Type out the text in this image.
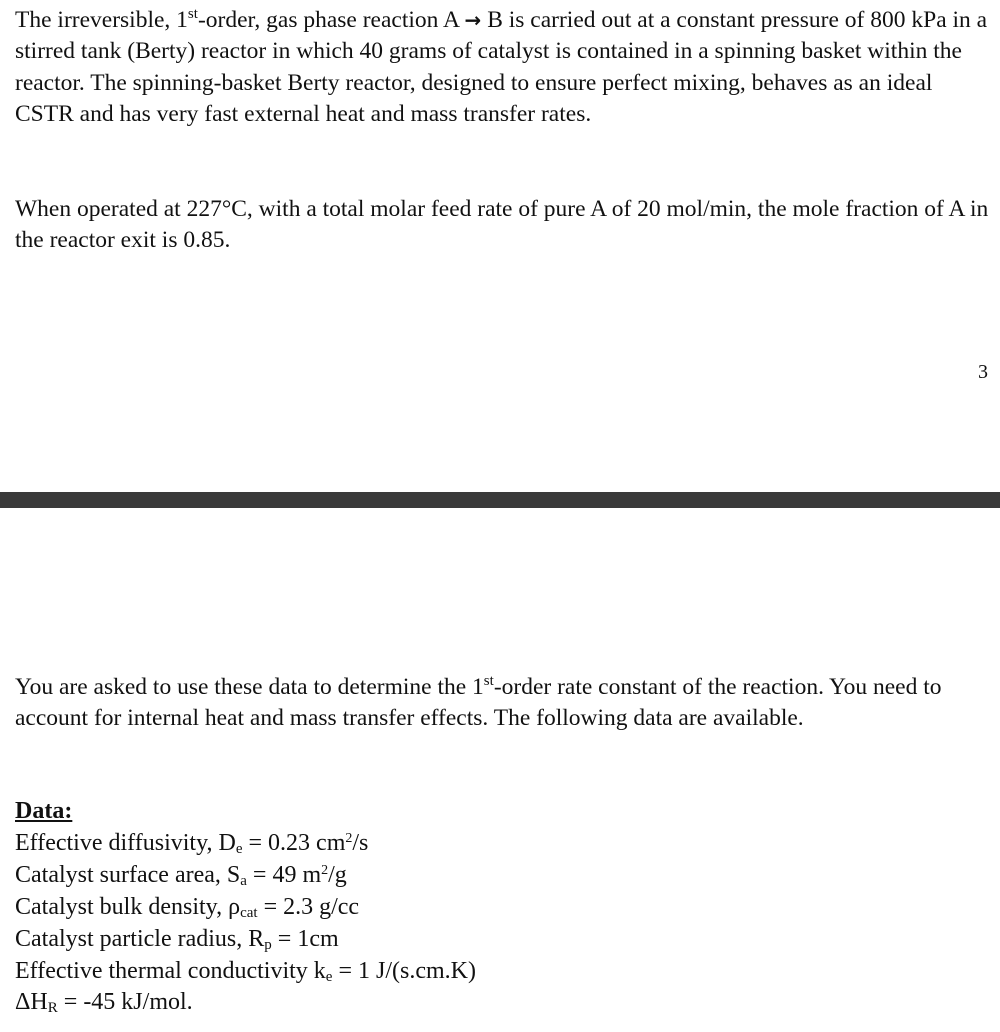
The irreversible, 1st-order, gas phase reaction A → B is carried out at a constant pressure of 800 kPa in a stirred tank (Berty) reactor in which 40 grams of catalyst is contained in a spinning basket within the reactor. The spinning-basket Berty reactor, designed to ensure perfect mixing, behaves as an ideal CSTR and has very fast external heat and mass transfer rates.

When operated at 227°C, with a total molar feed rate of pure A of 20 mol/min, the mole fraction of A in the reactor exit is 0.85.

3

You are asked to use these data to determine the 1st-order rate constant of the reaction. You need to account for internal heat and mass transfer effects. The following data are available.

Data:
Effective diffusivity, $D_e = 0.23$ $cm^2/s$
Catalyst surface area, $S_a = 49$ $m^2/g$
Catalyst bulk density, $\rho_{cat} = 2.3$ g/cc
Catalyst particle radius, $R_p = 1cm$
Effective thermal conductivity $k_e = 1$ J/(s.cm.K)
$\Delta H_R = -45$ kJ/mol.
